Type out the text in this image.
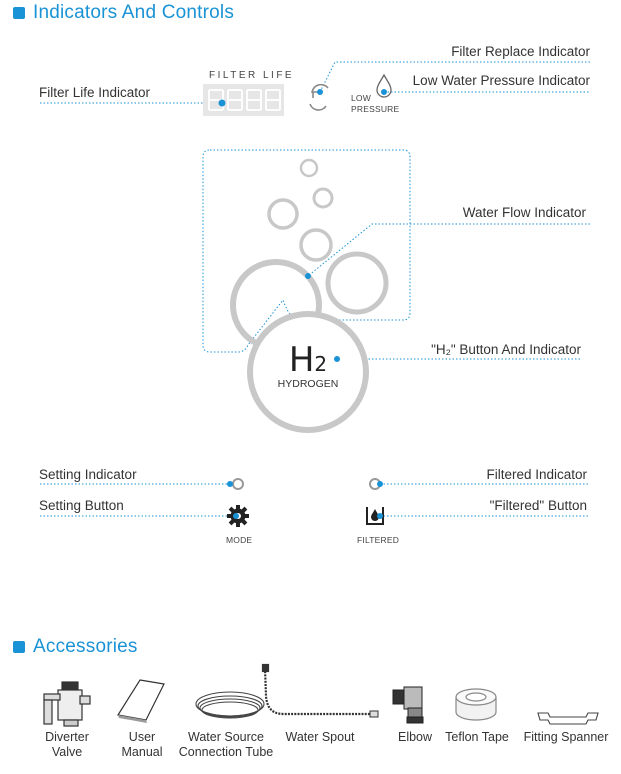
Indicators And Controls
FILTER LIFE
Filter Life Indicator
Filter Replace Indicator
Low Water Pressure Indicator
LOW
PRESSURE
Water Flow Indicator
"H₂" Button And Indicator
H2
HYDROGEN
Setting Indicator
Setting Button
MODE
Filtered Indicator
"Filtered" Button
FILTERED
Accessories
Diverter
Valve
User
Manual
Water Source
Connection Tube
Water Spout	Elbow Teflon Tape Fitting Spanner
